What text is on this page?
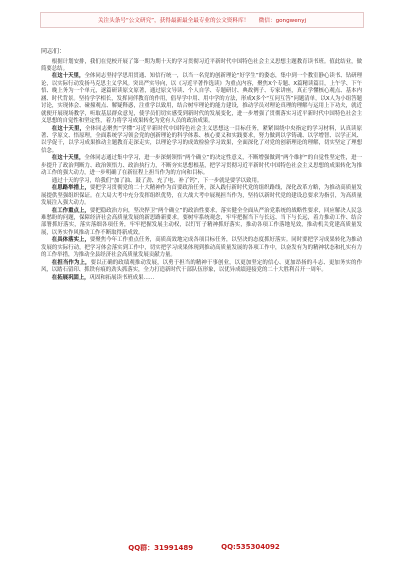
关注头条号“公文研究”，获得最新最全最专业的公文资料库！
　 微信：gongwenyj

同志们：

根据计划安排，我们在党校开展了第一期为期十天的学习贯彻习近平新时代中国特色社会主义思想主题教育读书班。值此结业，做简要总结。

在这十天里，全体同志坚持学思用贯通、知信行统一，以当一名党的创新理论“好学生”的姿态，集中到一个教室静心读书、钻研理论，以实际行动发扬马克思主义学风。突出严实导向，以《习近平著作选读》为重点内容，聚焦X个专题、X篇精读篇目，上午学、下午悟、晚上务为一个单元，逐篇研读原文原著，通过原文导读、个人自学、专题研讨、典故例子、专家讲座，真正学懂核心观点、基本内涵、时代背景。坚持学学相长，发挥同伴教育的作用，倡导学中用、用中学的方法，形成X多个“互问互答”问题清单，以X人为小组答题讨论，实现体会、碰撞观点、解疑释惑，注重学以致用，结合树牢理论的能力建设，推动学员对理论真理的理解与运用上下功夫，就近就便开展现场教学，听取基层群众意见，使学员们切实感受到新时代的发展变化，进一步增强了贯彻落实习近平新时代中国特色社会主义思想的自觉性和坚定性，着力将学习成果转化为党有人员的政治成果。

在这十天里，全体同志聚焦“学懂”习近平新时代中国特色社会主义思想这一目标任务，紧紧围绕中央指定的学习材料，认真读原著、学原文、悟原理，全面系统学习领会党的创新理论的科学体系、核心要义和实践要求，努力做到以学铸魂、以学增智、以学正风、以学促干，以学习成果推动主题教育走深走实，以理论学习的成效检验学习效果，全面深化了对党的创新理论的理解，切实坚定了理想信念。

在这十天里，全体同志通过集中学习，进一步深刻领悟“两个确立”的决定性意义，不断增强做到“两个维护”的自觉性坚定性，进一步提升了政治判断力、政治领悟力、政治执行力，不断夯实思想根基，把学习贯彻习近平新时代中国特色社会主义思想的成果转化为推动工作的强大动力，进一步明确了在新征程上担当作为的方向和目标。

通过十天的学习，给我们“加了油、鼓了劲、充了电、补了钙”，下一步就是要学以致用。

在思路举措上，要把学习贯彻党的二十大精神作为首要政治任务，深入践行新时代党的组织路线，深化改革方略，为推动高质量发展提供坚强组织保证。在大局大考中充分发挥组织优势，在大战大考中展现担当作为，坚持以新时代党的建设总要求为指引，为高质量发展注入强大动力。

在工作重点上，要把稳政治方向，坚决捍卫“两个确立”的政治性要求，落实健全全面从严治党系统的战略性要求，回应解决人民急难愁盼的问题，保障经济社会高质量发展的新思路新要求。要树牢系统观念，牢牢把握当下与长远、当下与长远，着力推动工作、结合部署抓好落实，落实落细各项任务，牢牢把握发展主动权，以钉钉子精神抓好落实，推动各项工作落地见效，推动机关党建高质量发展，以务实作风推动工作不断取得新成效。

在具体落实上，要聚焦今年工作重点任务，高质高效地完成各项目标任务，以坚决的态度抓好落实。同时要把学习成果转化为推动发展的实际行动，把学习体会落实到工作中，切实把学习成果体现到推动高质量发展的各项工作中，以奋发有为的精神状态和扎实有力的工作举措，为推动全县经济社会高质量发展贡献力量。

在担当作为上，要以正确的政绩观推动发展，以勇于担当的精神干事创业，以更加坚定的信心、更加昂扬的斗志、更加务实的作风，以踏石留印、抓铁有痕的劲头抓落实，全力打造新时代干部队伍形象，以优异成绩迎接党的二十大胜利召开一周年。

在拓展巩固上，巩固和拓展读书班成果……

QQ群：31991489	QQ:535304092
